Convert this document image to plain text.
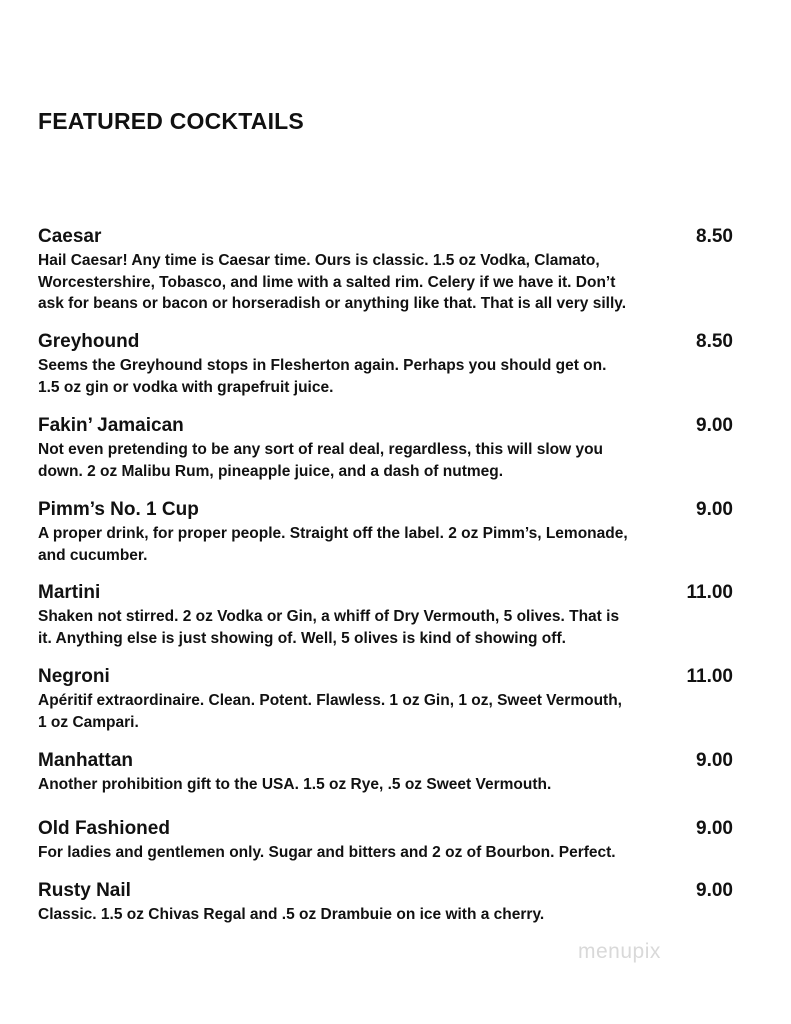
FEATURED COCKTAILS
Caesar	8.50
Hail Caesar! Any time is Caesar time. Ours is classic. 1.5 oz Vodka, Clamato,
Worcestershire, Tobasco, and lime with a salted rim. Celery if we have it. Don’t
ask for beans or bacon or horseradish or anything like that. That is all very silly.
Greyhound	8.50
Seems the Greyhound stops in Flesherton again. Perhaps you should get on.
1.5 oz gin or vodka with grapefruit juice.
Fakin’ Jamaican	9.00
Not even pretending to be any sort of real deal, regardless, this will slow you
down. 2 oz Malibu Rum, pineapple juice, and a dash of nutmeg.
Pimm’s No. 1 Cup	9.00
A proper drink, for proper people. Straight off the label. 2 oz Pimm’s, Lemonade,
and cucumber.
Martini	11.00
Shaken not stirred. 2 oz Vodka or Gin, a whiff of Dry Vermouth, 5 olives. That is
it. Anything else is just showing of. Well, 5 olives is kind of showing off.
Negroni	11.00
Apéritif extraordinaire. Clean. Potent. Flawless. 1 oz Gin, 1 oz, Sweet Vermouth,
1 oz Campari.
Manhattan	9.00
Another prohibition gift to the USA. 1.5 oz Rye, .5 oz Sweet Vermouth.
Old Fashioned	9.00
For ladies and gentlemen only. Sugar and bitters and 2 oz of Bourbon. Perfect.
Rusty Nail	9.00
Classic. 1.5 oz Chivas Regal and .5 oz Drambuie on ice with a cherry.
menupix
